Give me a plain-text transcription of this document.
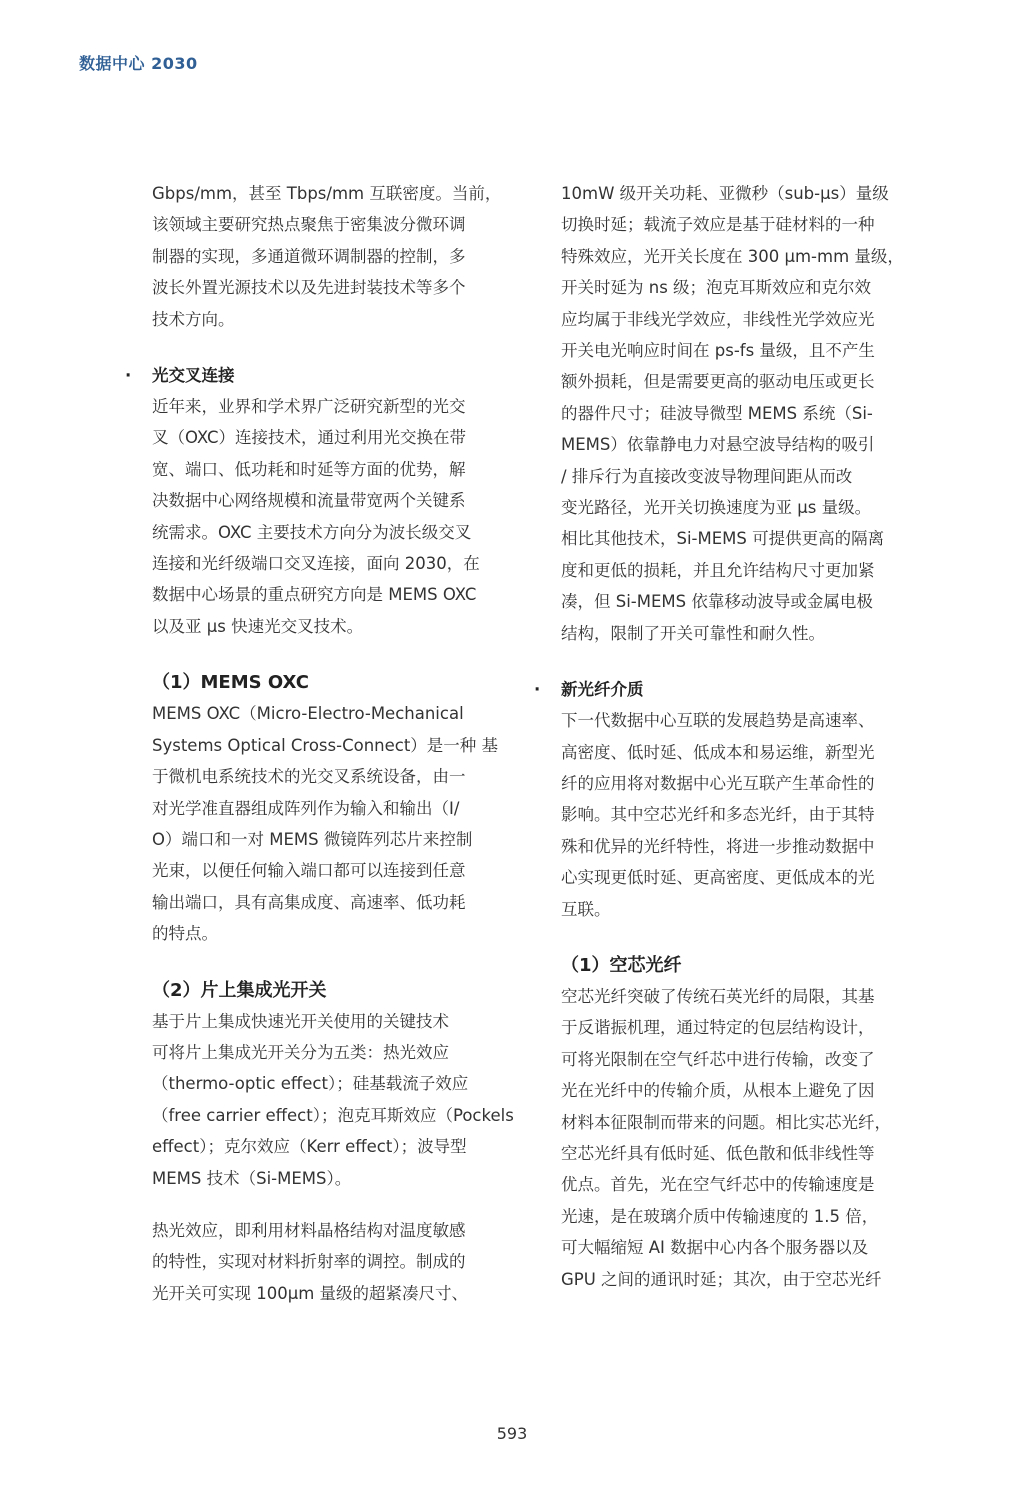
数据中心 2030
Gbps/mm，甚至 Tbps/mm 互联密度。当前，
该领域主要研究热点聚焦于密集波分微环调
制器的实现，多通道微环调制器的控制，多
波长外置光源技术以及先进封装技术等多个
技术方向。
· 光交叉连接
近年来，业界和学术界广泛研究新型的光交
叉（OXC）连接技术，通过利用光交换在带
宽、端口、低功耗和时延等方面的优势，解
决数据中心网络规模和流量带宽两个关键系
统需求。OXC 主要技术方向分为波长级交叉
连接和光纤级端口交叉连接，面向 2030，在
数据中心场景的重点研究方向是 MEMS OXC
以及亚 μs 快速光交叉技术。
（1）MEMS OXC
MEMS OXC（Micro-Electro-Mechanical
Systems Optical Cross-Connect）是一种 基
于微机电系统技术的光交叉系统设备，由一
对光学准直器组成阵列作为输入和输出（I/
O）端口和一对 MEMS 微镜阵列芯片来控制
光束，以便任何输入端口都可以连接到任意
输出端口，具有高集成度、高速率、低功耗
的特点。
（2）片上集成光开关
基于片上集成快速光开关使用的关键技术
可将片上集成光开关分为五类：热光效应
（thermo-optic effect）；硅基载流子效应
（free carrier effect）；泡克耳斯效应（Pockels
effect）；克尔效应（Kerr effect）；波导型
MEMS 技术（Si-MEMS）。
热光效应，即利用材料晶格结构对温度敏感
的特性，实现对材料折射率的调控。制成的
光开关可实现 100μm 量级的超紧凑尺寸、
10mW 级开关功耗、亚微秒（sub-μs）量级
切换时延；载流子效应是基于硅材料的一种
特殊效应，光开关长度在 300 μm-mm 量级，
开关时延为 ns 级；泡克耳斯效应和克尔效
应均属于非线光学效应，非线性光学效应光
开关电光响应时间在 ps-fs 量级，且不产生
额外损耗，但是需要更高的驱动电压或更长
的器件尺寸；硅波导微型 MEMS 系统（Si-
MEMS）依靠静电力对悬空波导结构的吸引
/ 排斥行为直接改变波导物理间距从而改
变光路径，光开关切换速度为亚 μs 量级。
相比其他技术，Si-MEMS 可提供更高的隔离
度和更低的损耗，并且允许结构尺寸更加紧
凑，但 Si-MEMS 依靠移动波导或金属电极
结构，限制了开关可靠性和耐久性。
· 新光纤介质
下一代数据中心互联的发展趋势是高速率、
高密度、低时延、低成本和易运维，新型光
纤的应用将对数据中心光互联产生革命性的
影响。其中空芯光纤和多态光纤，由于其特
殊和优异的光纤特性，将进一步推动数据中
心实现更低时延、更高密度、更低成本的光
互联。
（1）空芯光纤
空芯光纤突破了传统石英光纤的局限，其基
于反谐振机理，通过特定的包层结构设计，
可将光限制在空气纤芯中进行传输，改变了
光在光纤中的传输介质，从根本上避免了因
材料本征限制而带来的问题。相比实芯光纤，
空芯光纤具有低时延、低色散和低非线性等
优点。首先，光在空气纤芯中的传输速度是
光速，是在玻璃介质中传输速度的 1.5 倍，
可大幅缩短 AI 数据中心内各个服务器以及
GPU 之间的通讯时延；其次，由于空芯光纤
593
